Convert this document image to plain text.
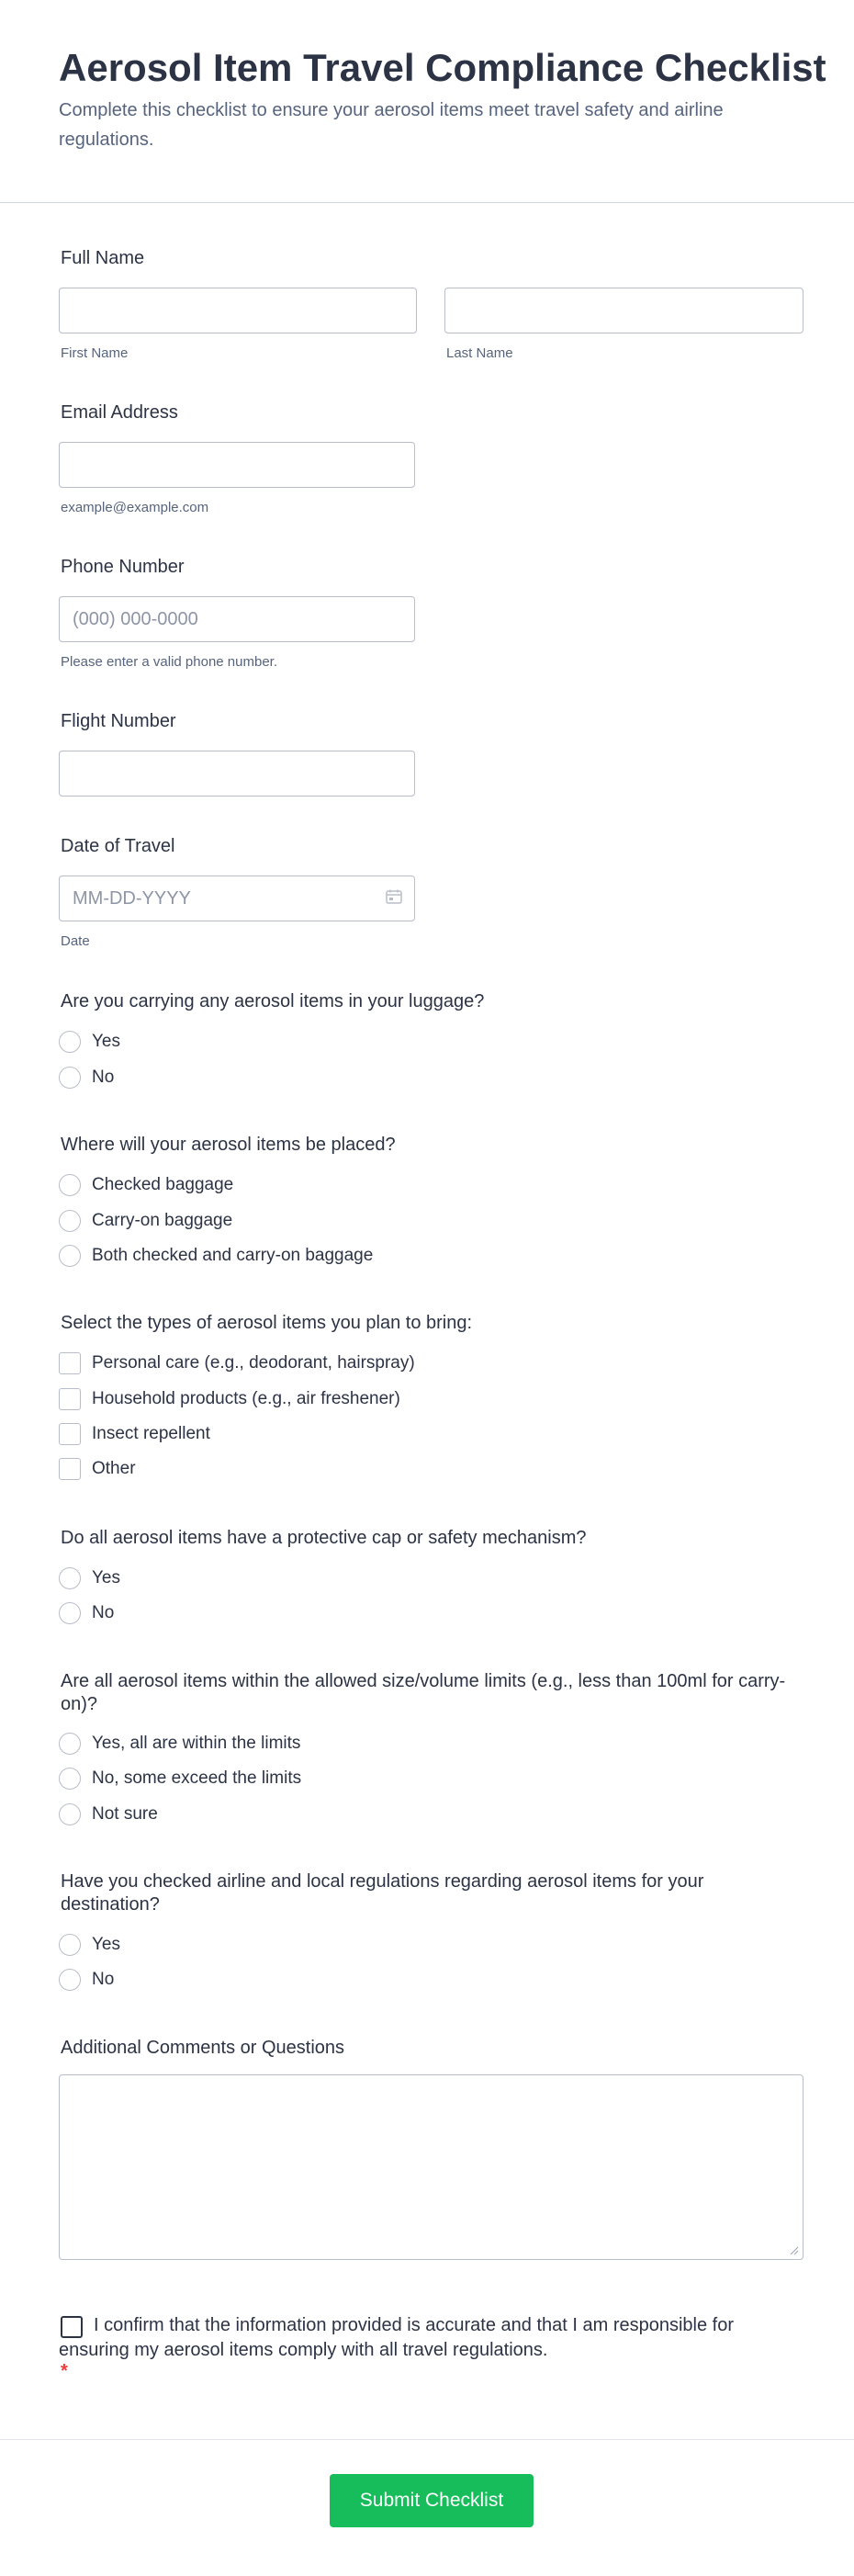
Aerosol Item Travel Compliance Checklist

Complete this checklist to ensure your aerosol items meet travel safety and airline regulations.

Full Name
First Name	Last Name
Email Address
example@example.com
Phone Number
(000) 000-0000
Please enter a valid phone number.
Flight Number
Date of Travel
MM-DD-YYYY
Date
Are you carrying any aerosol items in your luggage?
Yes
No
Where will your aerosol items be placed?
Checked baggage
Carry-on baggage
Both checked and carry-on baggage
Select the types of aerosol items you plan to bring:
Personal care (e.g., deodorant, hairspray)
Household products (e.g., air freshener)
Insect repellent
Other
Do all aerosol items have a protective cap or safety mechanism?
Yes
No
Are all aerosol items within the allowed size/volume limits (e.g., less than 100ml for carry-on)?
Yes, all are within the limits
No, some exceed the limits
Not sure
Have you checked airline and local regulations regarding aerosol items for your destination?
Yes
No
Additional Comments or Questions
I confirm that the information provided is accurate and that I am responsible for ensuring my aerosol items comply with all travel regulations.
*
Submit Checklist
